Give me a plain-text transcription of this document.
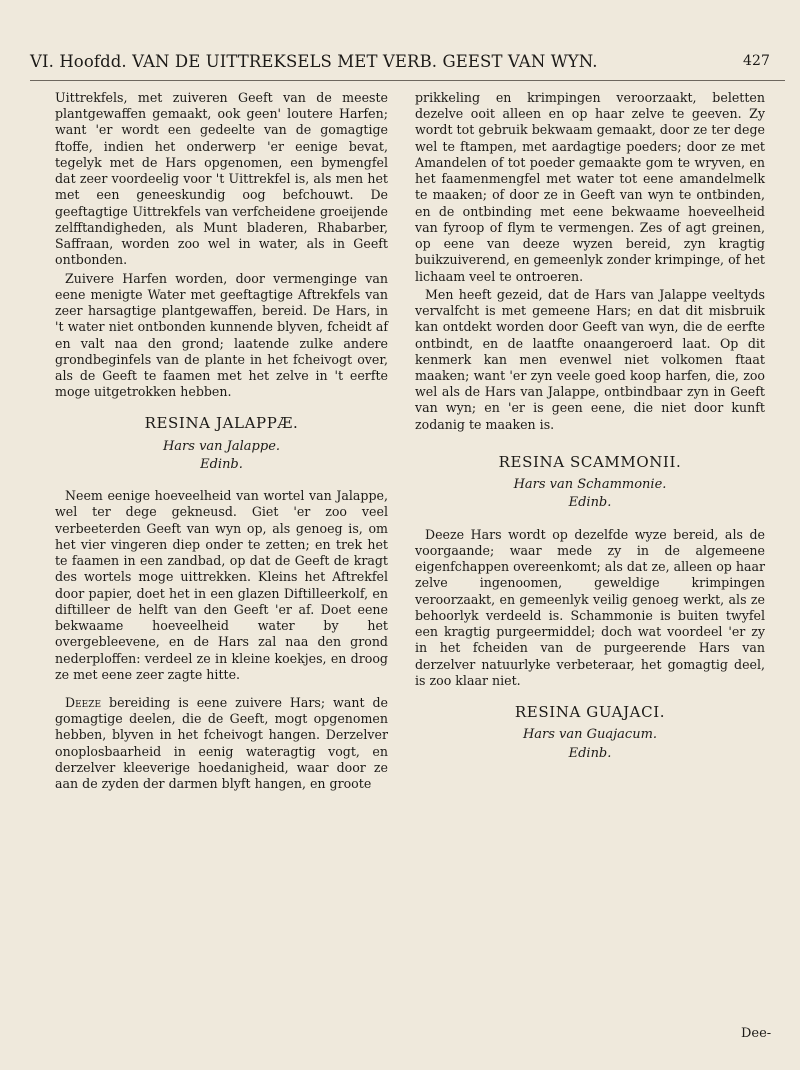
VI. Hoofdd. VAN DE UITTREKSELS MET VERB. GEEST VAN WYN.	427

Uittrekfels, met zuiveren Geeft van de meeste plantgewaffen gemaakt, ook geen' loutere Harfen; want 'er wordt een gedeelte van de gomagtige ftoffe, indien het onderwerp 'er eenige bevat, tegelyk met de Hars opgenomen, een bymengfel dat zeer voordeelig voor 't Uittrekfel is, als men het met een geneeskundig oog befchouwt. De geeftagtige Uittrekfels van verfcheidene groeijende zelfftandigheden, als Munt bladeren, Rhabarber, Saffraan, worden zoo wel in water, als in Geeft ontbonden.

Zuivere Harfen worden, door vermenginge van eene menigte Water met geeftagtige Aftrekfels van zeer harsagtige plantgewaffen, bereid. De Hars, in 't water niet ontbonden kunnende blyven, fcheidt af en valt naa den grond; laatende zulke andere grondbeginfels van de plante in het fcheivogt over, als de Geeft te faamen met het zelve in 't eerfte moge uitgetrokken hebben.

RESINA JALAPPÆ.
Hars van Jalappe.
Edinb.

Neem eenige hoeveelheid van wortel van Jalappe, wel ter dege gekneusd. Giet 'er zoo veel verbeeterden Geeft van wyn op, als genoeg is, om het vier vingeren diep onder te zetten; en trek het te faamen in een zandbad, op dat de Geeft de kragt des wortels moge uittrekken. Kleins het Aftrekfel door papier, doet het in een glazen Diftilleerkolf, en diftilleer de helft van den Geeft 'er af. Doet eene bekwaame hoeveelheid water by het overgebleevene, en de Hars zal naa den grond nederploffen: verdeel ze in kleine koekjes, en droog ze met eene zeer zagte hitte.

Deeze bereiding is eene zuivere Hars; want de gomagtige deelen, die de Geeft, mogt opgenomen hebben, blyven in het fcheivogt hangen. Derzelver onoplosbaarheid in eenig wateragtig vogt, en derzelver kleeverige hoedanigheid, waar door ze aan de zyden der darmen blyft hangen, en groote

prikkeling en krimpingen veroorzaakt, beletten dezelve ooit alleen en op haar zelve te geeven. Zy wordt tot gebruik bekwaam gemaakt, door ze ter dege wel te ftampen, met aardagtige poeders; door ze met Amandelen of tot poeder gemaakte gom te wryven, en het faamenmengfel met water tot eene amandelmelk te maaken; of door ze in Geeft van wyn te ontbinden, en de ontbinding met eene bekwaame hoeveelheid van fyroop of flym te vermengen. Zes of agt greinen, op eene van deeze wyzen bereid, zyn kragtig buikzuiverend, en gemeenlyk zonder krimpinge, of het lichaam veel te ontroeren.

Men heeft gezeid, dat de Hars van Jalappe veeltyds vervalfcht is met gemeene Hars; en dat dit misbruik kan ontdekt worden door Geeft van wyn, die de eerfte ontbindt, en de laatfte onaangeroerd laat. Op dit kenmerk kan men evenwel niet volkomen ftaat maaken; want 'er zyn veele goed koop harfen, die, zoo wel als de Hars van Jalappe, ontbindbaar zyn in Geeft van wyn; en 'er is geen eene, die niet door kunft zodanig te maaken is.

RESINA SCAMMONII.
Hars van Schammonie.
Edinb.

Deeze Hars wordt op dezelfde wyze bereid, als de voorgaande; waar mede zy in de algemeene eigenfchappen overeenkomt; als dat ze, alleen op haar zelve ingenoomen, geweldige krimpingen veroorzaakt, en gemeenlyk veilig genoeg werkt, als ze behoorlyk verdeeld is. Schammonie is buiten twyfel een kragtig purgeermiddel; doch wat voordeel 'er zy in het fcheiden van de purgeerende Hars van derzelver natuurlyke verbeteraar, het gomagtig deel, is zoo klaar niet.

RESINA GUAJACI.
Hars van Guajacum.
Edinb.
Dee-
